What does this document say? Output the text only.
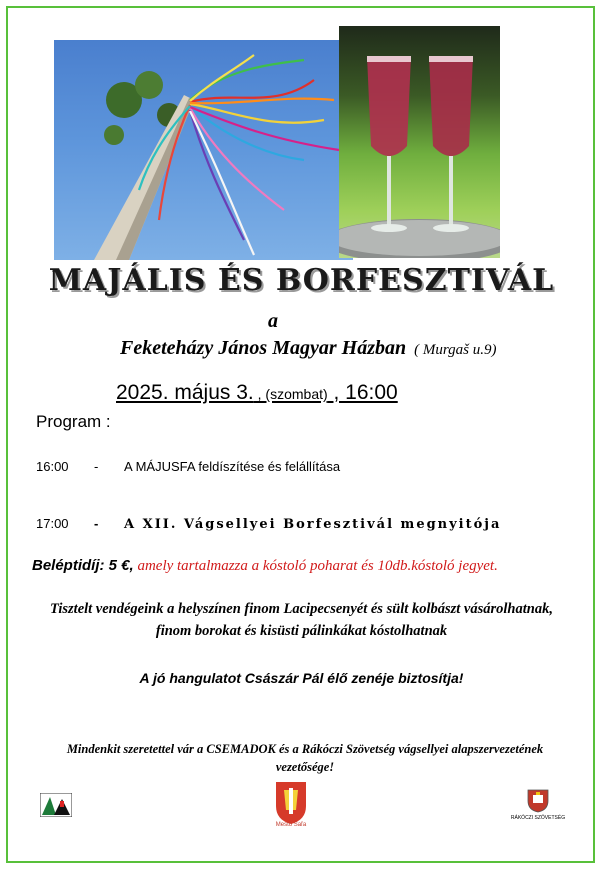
MAJÁLIS ÉS BORFESZTIVÁL
a
Feketeházy János Magyar Házban ( Murgaš u.9)
2025. május 3. , (szombat) , 16:00
Program :
16:00 - A MÁJUSFA feldíszítése és felállítása
17:00 - A XII. Vágsellyei Borfesztivál megnyitója
Beléptidíj: 5 €, amely tartalmazza a kóstoló poharat és 10db.kóstoló jegyet.
Tisztelt vendégeink a helyszínen finom Lacipecsenyét és sült kolbászt vásárolhatnak,
finom borokat és kisüsti pálinkákat kóstolhatnak
A jó hangulatot Császár Pál élő zenéje biztosítja!
Mindenkit szeretettel vár a CSEMADOK és a Rákóczi Szövetség vágsellyei alapszervezetének vezetősége!
Mesto Šaľa
RÁKÓCZI SZÖVETSÉG
